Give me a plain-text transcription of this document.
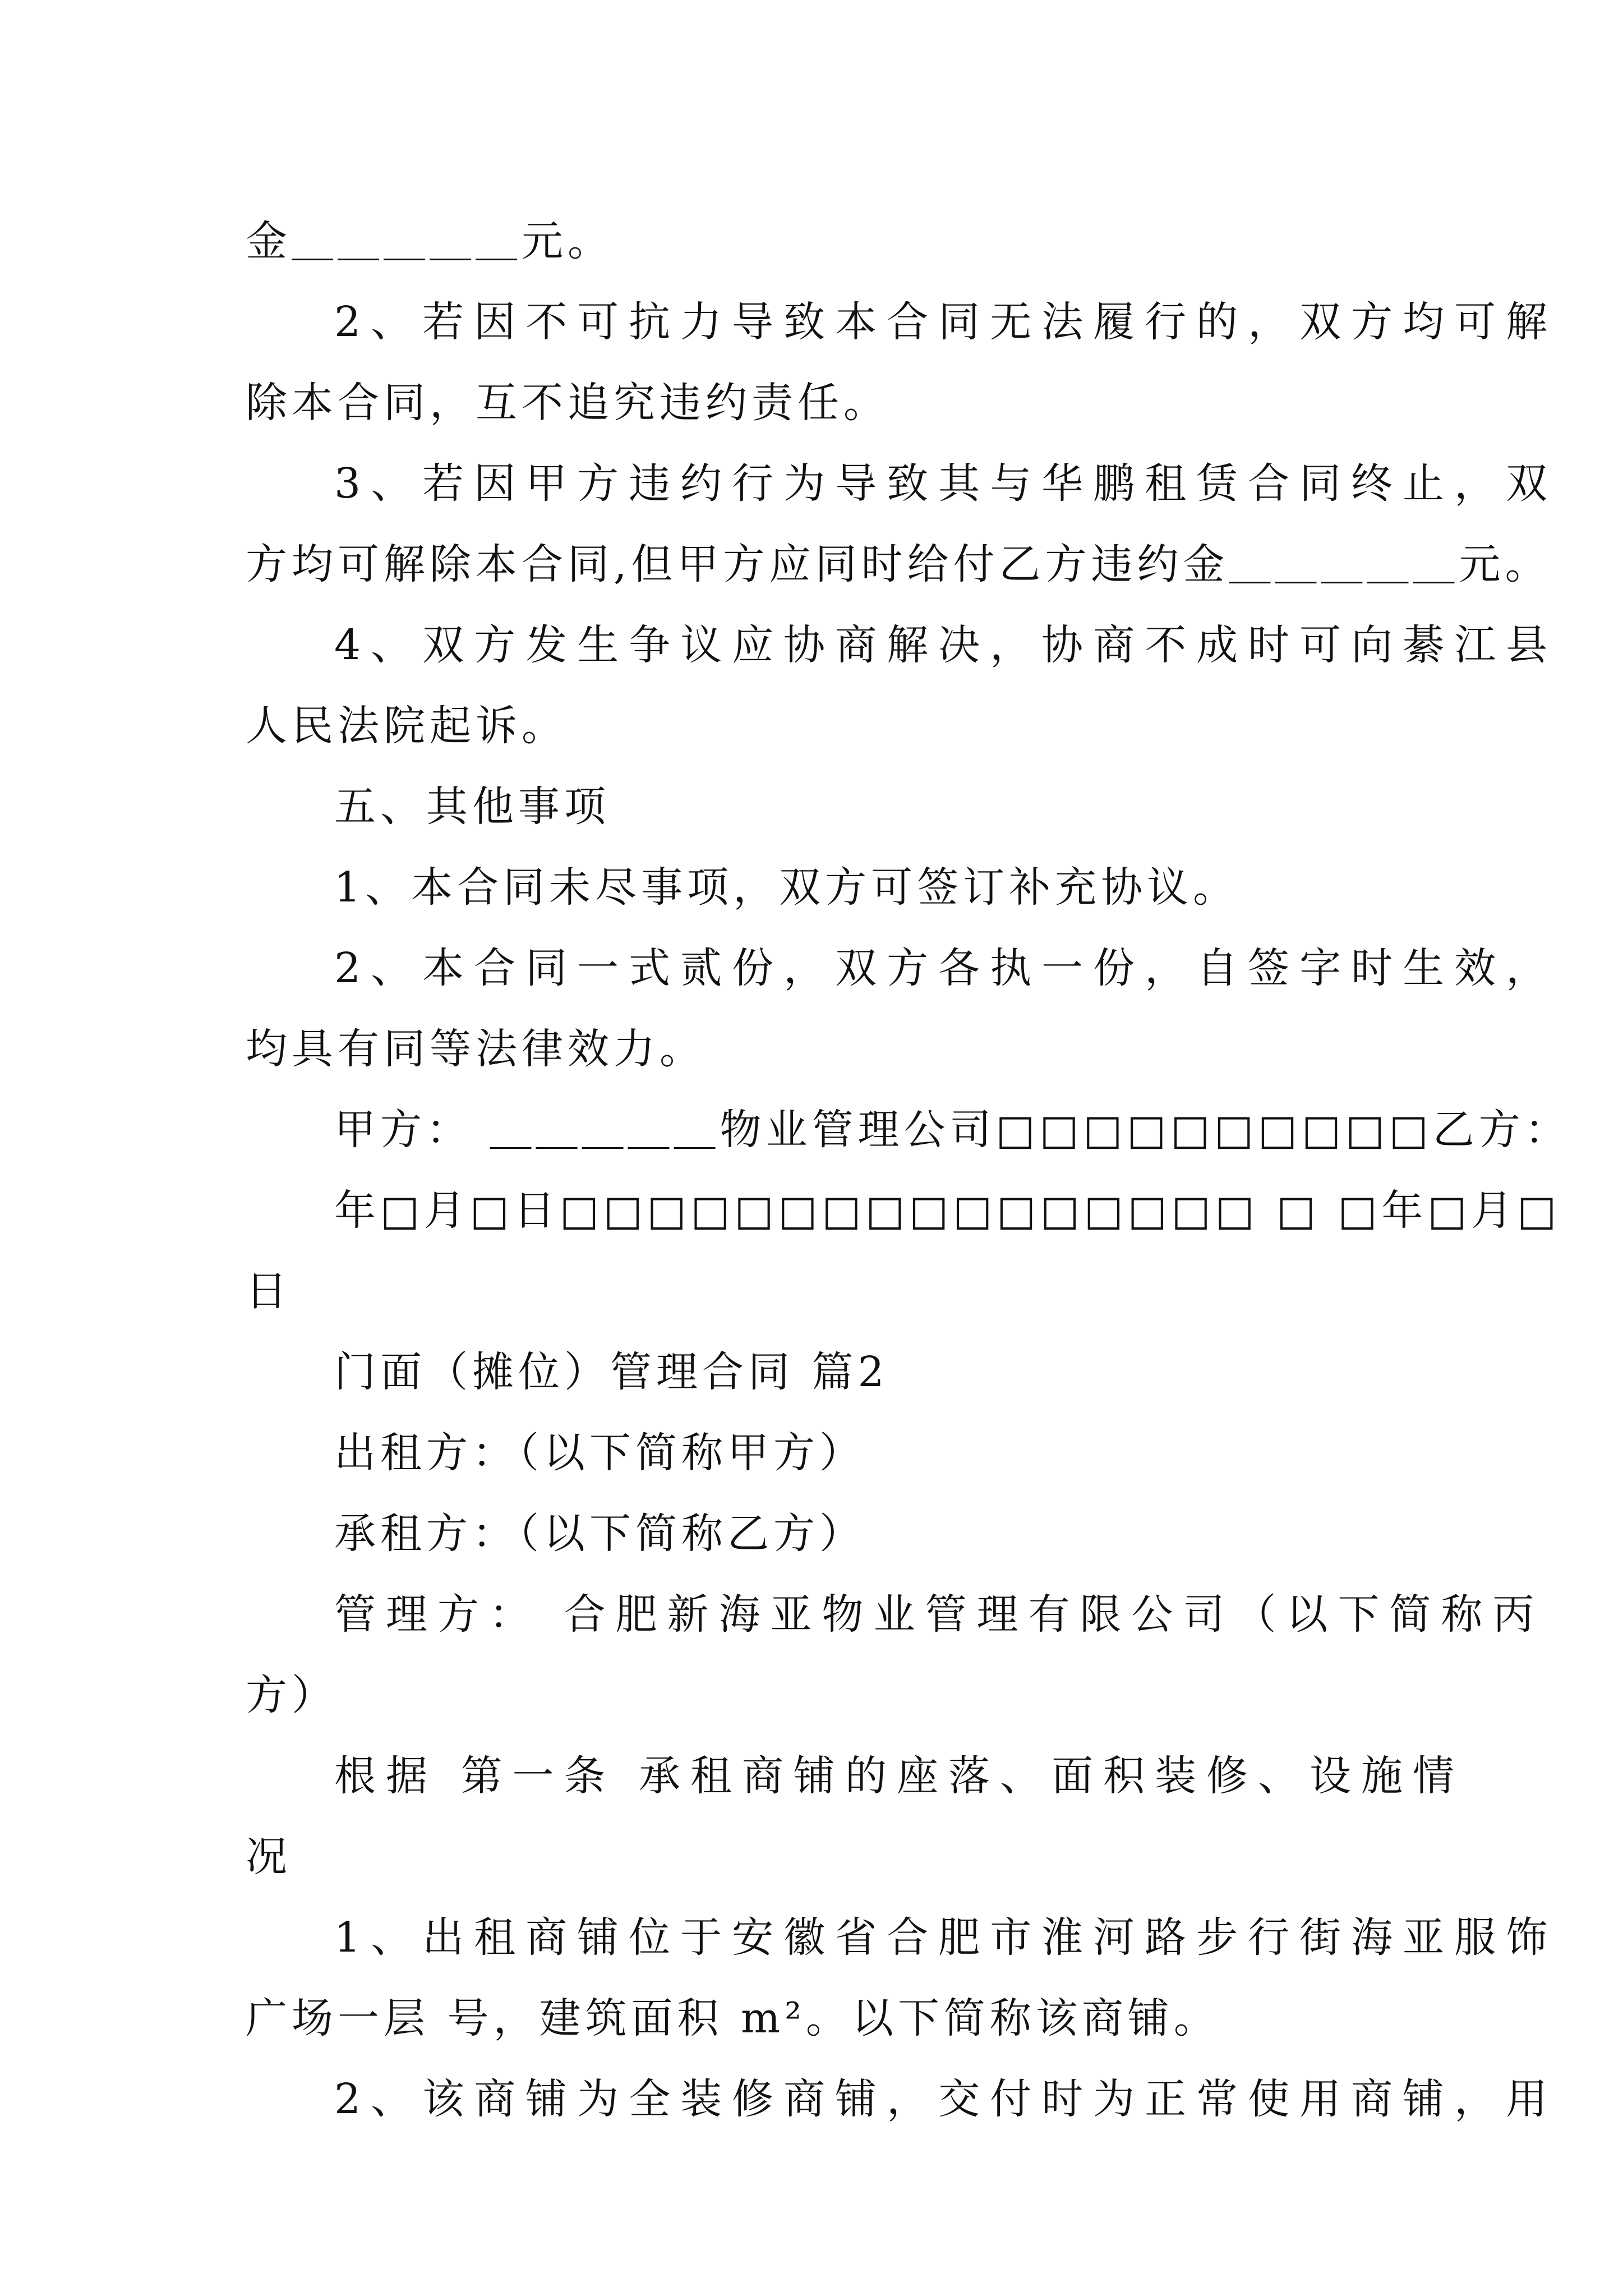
金＿＿＿＿＿元。
2、若因不可抗力导致本合同无法履行的，双方均可解
除本合同，互不追究违约责任。
3、若因甲方违约行为导致其与华鹏租赁合同终止，双
方均可解除本合同,但甲方应同时给付乙方违约金＿＿＿＿＿元。
4、双方发生争议应协商解决，协商不成时可向綦江县
人民法院起诉。
五、其他事项
1、本合同未尽事项，双方可签订补充协议。
2、本合同一式贰份，双方各执一份，自签字时生效，
均具有同等法律效力。
甲方： ＿＿＿＿＿物业管理公司□□□□□□□□□□乙方：
年□月□日□□□□□□□□□□□□□□□□ □ □年□月□
日
门面（摊位）管理合同 篇2
出租方：（以下简称甲方）
承租方：（以下简称乙方）
管理方： 合肥新海亚物业管理有限公司（以下简称丙
方）
根据 第一条 承租商铺的座落、面积装修、设施情
况
1、出租商铺位于安徽省合肥市淮河路步行街海亚服饰
广场一层 号，建筑面积 m²。以下简称该商铺。
2、该商铺为全装修商铺，交付时为正常使用商铺，用
